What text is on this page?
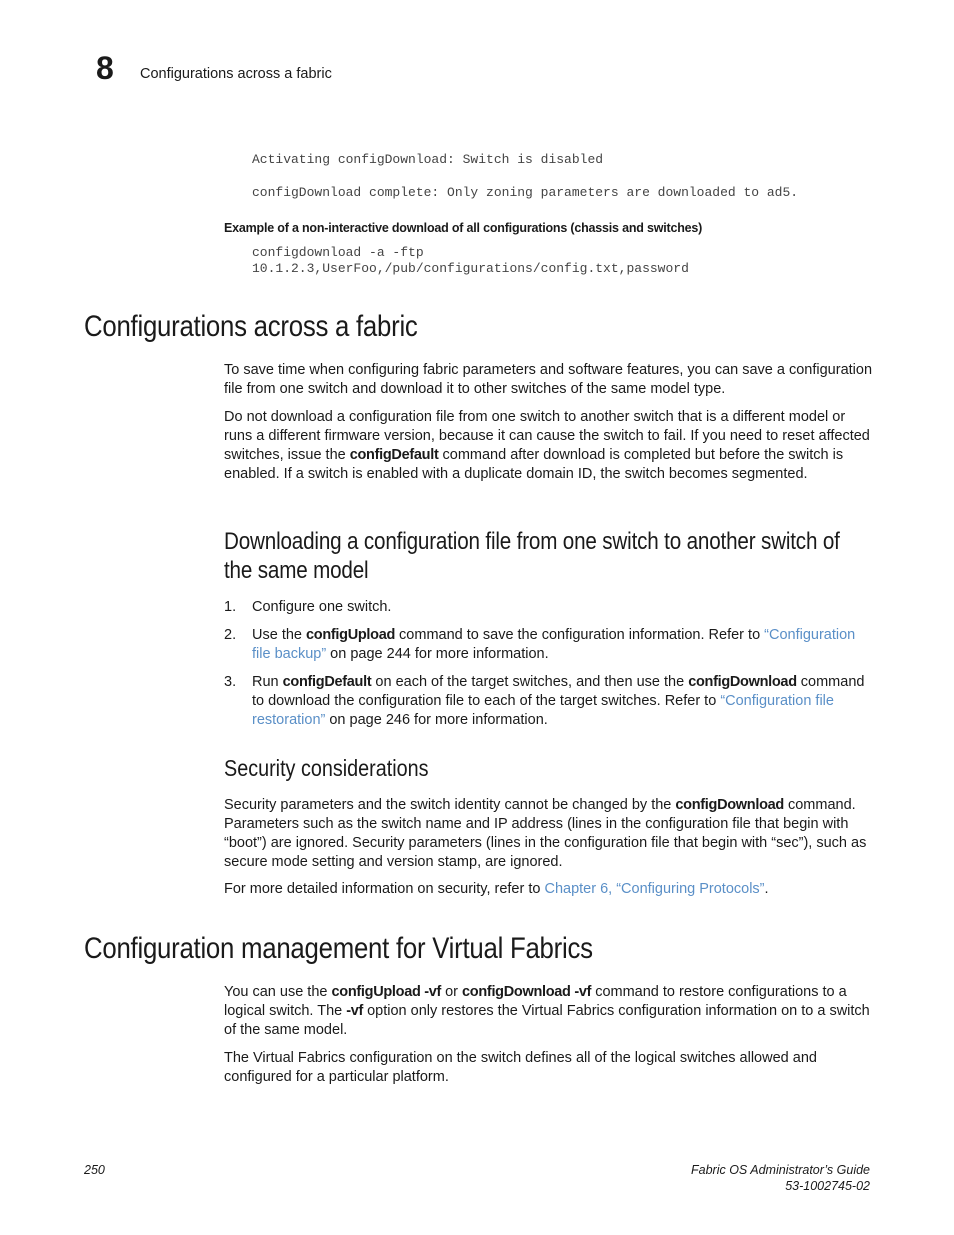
8 Configurations across a fabric
Activating configDownload: Switch is disabled
configDownload complete: Only zoning parameters are downloaded to ad5.
Example of a non-interactive download of all configurations (chassis and switches)
configdownload -a -ftp
10.1.2.3,UserFoo,/pub/configurations/config.txt,password
Configurations across a fabric
To save time when configuring fabric parameters and software features, you can save a configuration file from one switch and download it to other switches of the same model type.
Do not download a configuration file from one switch to another switch that is a different model or runs a different firmware version, because it can cause the switch to fail. If you need to reset affected switches, issue the configDefault command after download is completed but before the switch is enabled. If a switch is enabled with a duplicate domain ID, the switch becomes segmented.
Downloading a configuration file from one switch to another switch of the same model
1. Configure one switch.
2. Use the configUpload command to save the configuration information. Refer to “Configuration file backup” on page 244 for more information.
3. Run configDefault on each of the target switches, and then use the configDownload command to download the configuration file to each of the target switches. Refer to “Configuration file restoration” on page 246 for more information.
Security considerations
Security parameters and the switch identity cannot be changed by the configDownload command. Parameters such as the switch name and IP address (lines in the configuration file that begin with “boot”) are ignored. Security parameters (lines in the configuration file that begin with “sec”), such as secure mode setting and version stamp, are ignored.
For more detailed information on security, refer to Chapter 6, “Configuring Protocols”.
Configuration management for Virtual Fabrics
You can use the configUpload -vf or configDownload -vf command to restore configurations to a logical switch. The -vf option only restores the Virtual Fabrics configuration information on to a switch of the same model.
The Virtual Fabrics configuration on the switch defines all of the logical switches allowed and configured for a particular platform.
250	Fabric OS Administrator’s Guide
53-1002745-02
